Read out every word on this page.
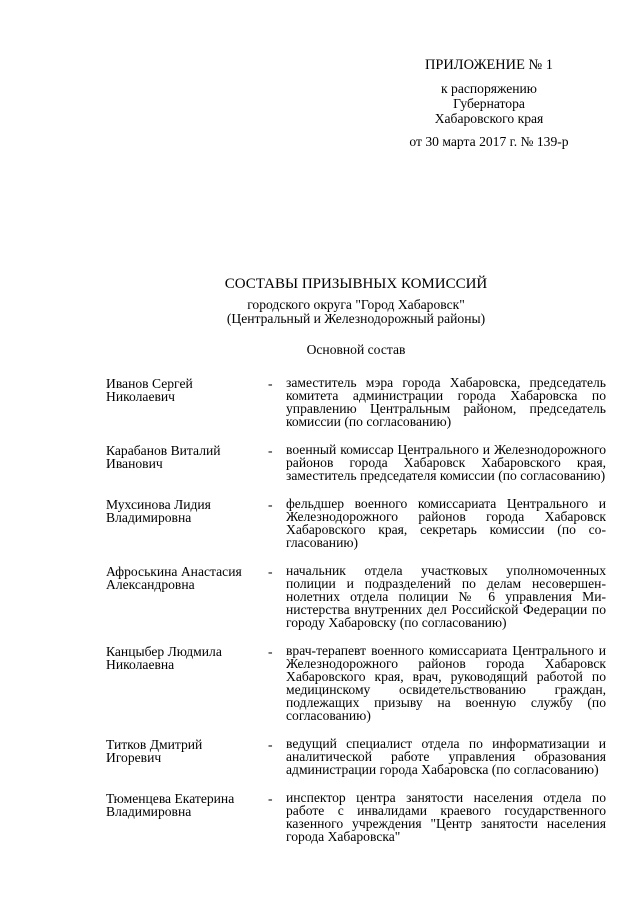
ПРИЛОЖЕНИЕ № 1
к распоряжению
Губернатора
Хабаровского края
от 30 марта 2017 г. № 139-р
СОСТАВЫ ПРИЗЫВНЫХ КОМИССИЙ
городского округа "Город Хабаровск"
(Центральный и Железнодорожный районы)
Основной состав
Иванов Сергей
Николаевич
- заместитель мэра города Хабаровска, председатель комитета администрации города Хабаровска по управлению Центральным районом, председатель комиссии (по согласованию)
Карабанов Виталий
Иванович
- военный комиссар Центрального и Железнодорожного районов города Хабаровск Хабаровского края, заместитель председателя комиссии (по согласованию)
Мухсинова Лидия
Владимировна
- фельдшер военного комиссариата Центрального и Железнодорожного районов города Хабаровск Хабаровского края, секретарь комиссии (по согласованию)
Афроськина Анастасия
Александровна
- начальник отдела участковых уполномоченных полиции и подразделений по делам несовершеннолетних отдела полиции № 6 управления Министерства внутренних дел Российской Федерации по городу Хабаровску (по согласованию)
Канцыбер Людмила
Николаевна
- врач-терапевт военного комиссариата Центрального и Железнодорожного районов города Хабаровск Хабаровского края, врач, руководящий работой по медицинскому освидетельствованию граждан, подлежащих призыву на военную службу (по согласованию)
Титков Дмитрий
Игоревич
- ведущий специалист отдела по информатизации и аналитической работе управления образования администрации города Хабаровска (по согласованию)
Тюменцева Екатерина
Владимировна
- инспектор центра занятости населения отдела по работе с инвалидами краевого государственного казенного учреждения "Центр занятости населения города Хабаровска"
